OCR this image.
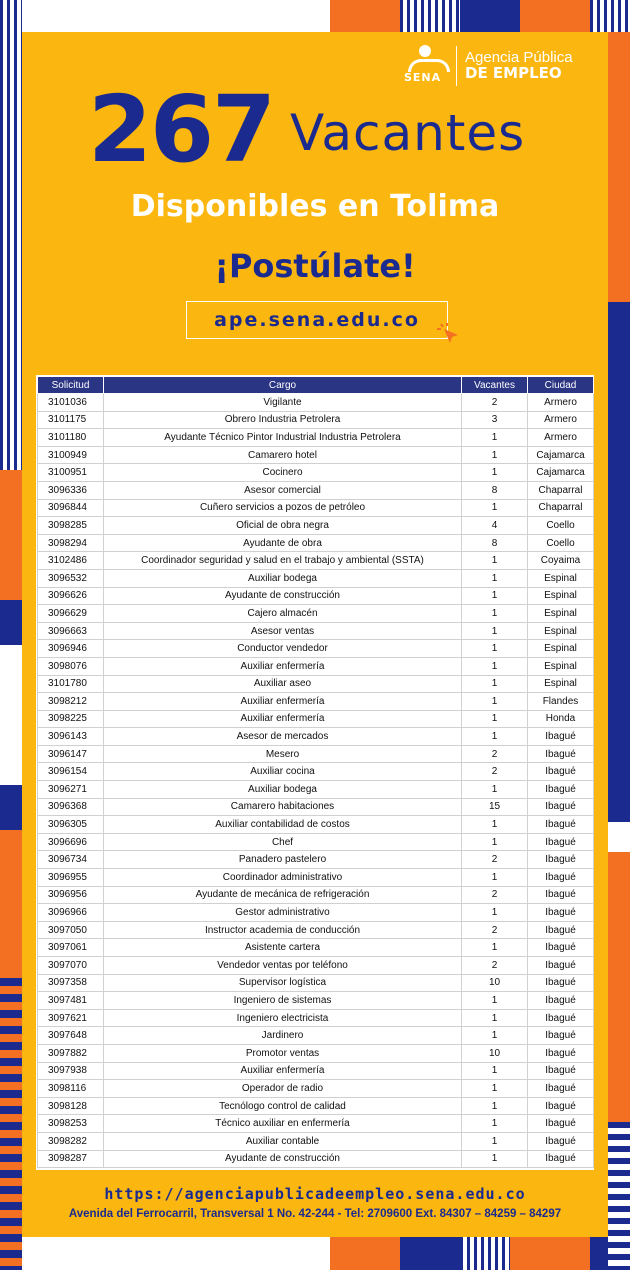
SENA
Agencia Pública
DE EMPLEO
267 Vacantes
Disponibles en Tolima
¡Postúlate!
ape.sena.edu.co
Solicitud	Cargo	Vacantes	Ciudad
3101036	Vigilante	2	Armero
3101175	Obrero Industria Petrolera	3	Armero
3101180	Ayudante Técnico Pintor Industrial Industria Petrolera	1	Armero
3100949	Camarero hotel	1	Cajamarca
3100951	Cocinero	1	Cajamarca
3096336	Asesor comercial	8	Chaparral
3096844	Cuñero servicios a pozos de petróleo	1	Chaparral
3098285	Oficial de obra negra	4	Coello
3098294	Ayudante de obra	8	Coello
3102486	Coordinador seguridad y salud en el trabajo y ambiental (SSTA)	1	Coyaima
3096532	Auxiliar bodega	1	Espinal
3096626	Ayudante de construcción	1	Espinal
3096629	Cajero almacén	1	Espinal
3096663	Asesor ventas	1	Espinal
3096946	Conductor vendedor	1	Espinal
3098076	Auxiliar enfermería	1	Espinal
3101780	Auxiliar aseo	1	Espinal
3098212	Auxiliar enfermería	1	Flandes
3098225	Auxiliar enfermería	1	Honda
3096143	Asesor de mercados	1	Ibagué
3096147	Mesero	2	Ibagué
3096154	Auxiliar cocina	2	Ibagué
3096271	Auxiliar bodega	1	Ibagué
3096368	Camarero habitaciones	15	Ibagué
3096305	Auxiliar contabilidad de costos	1	Ibagué
3096696	Chef	1	Ibagué
3096734	Panadero pastelero	2	Ibagué
3096955	Coordinador administrativo	1	Ibagué
3096956	Ayudante de mecánica de refrigeración	2	Ibagué
3096966	Gestor administrativo	1	Ibagué
3097050	Instructor academia de conducción	2	Ibagué
3097061	Asistente cartera	1	Ibagué
3097070	Vendedor ventas por teléfono	2	Ibagué
3097358	Supervisor logística	10	Ibagué
3097481	Ingeniero de sistemas	1	Ibagué
3097621	Ingeniero electricista	1	Ibagué
3097648	Jardinero	1	Ibagué
3097882	Promotor ventas	10	Ibagué
3097938	Auxiliar enfermería	1	Ibagué
3098116	Operador de radio	1	Ibagué
3098128	Tecnólogo control de calidad	1	Ibagué
3098253	Técnico auxiliar en enfermería	1	Ibagué
3098282	Auxiliar contable	1	Ibagué
3098287	Ayudante de construcción	1	Ibagué
https://agenciapublicadeempleo.sena.edu.co
Avenida del Ferrocarril, Transversal 1 No. 42-244 - Tel: 2709600 Ext. 84307 – 84259 – 84297
